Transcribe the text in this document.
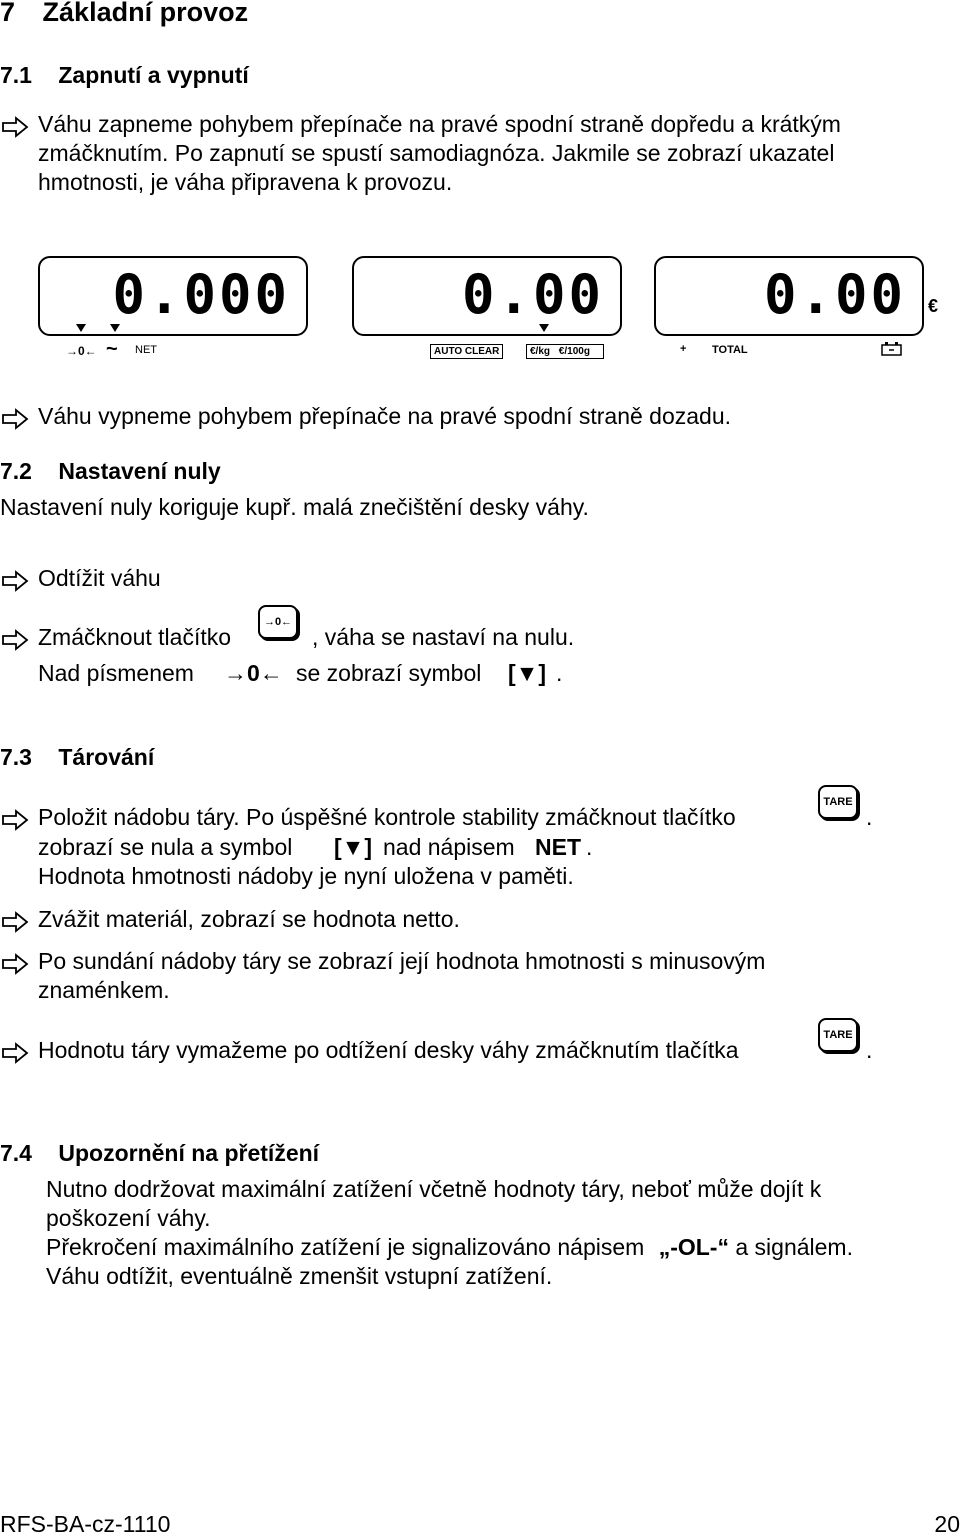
7 Základní provoz
7.1 Zapnutí a vypnutí
Váhu zapneme pohybem přepínače na pravé spodní straně dopředu a krátkým
zmáčknutím. Po zapnutí se spustí samodiagnóza. Jakmile se zobrazí ukazatel
hmotnosti, je váha připravena k provozu.
0.000
→0← ~ NET
0.00
AUTO CLEAR	€/kg €/100g
0.00 €
+ TOTAL
Váhu vypneme pohybem přepínače na pravé spodní straně dozadu.
7.2 Nastavení nuly
Nastavení nuly koriguje kupř. malá znečištění desky váhy.
Odtížit váhu
Zmáčknout tlačítko
→0←
, váha se nastaví na nulu.
Nad písmenem →0← se zobrazí symbol [▼] .
7.3 Tárování
Položit nádobu táry. Po úspěšné kontrole stability zmáčknout tlačítko
TARE
.
zobrazí se nula a symbol [▼] nad nápisem NET .
Hodnota hmotnosti nádoby je nyní uložena v paměti.
Zvážit materiál, zobrazí se hodnota netto.
Po sundání nádoby táry se zobrazí její hodnota hmotnosti s minusovým
znaménkem.
Hodnotu táry vymažeme po odtížení desky váhy zmáčknutím tlačítka
TARE
.
7.4 Upozornění na přetížení
Nutno dodržovat maximální zatížení včetně hodnoty táry, neboť může dojít k
poškození váhy.
Překročení maximálního zatížení je signalizováno nápisem „-OL-“ a signálem.
Váhu odtížit, eventuálně zmenšit vstupní zatížení.
RFS-BA-cz-1110	20
